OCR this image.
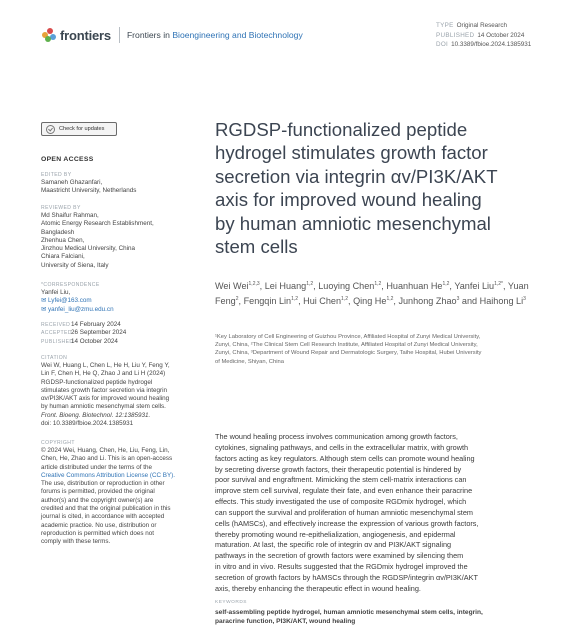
frontiers Frontiers in Bioengineering and Biotechnology
TYPE Original Research
PUBLISHED 14 October 2024
DOI 10.3389/fbioe.2024.1385931
Check for updates
OPEN ACCESS
EDITED BY
Samaneh Ghazanfari,
Maastricht University, Netherlands
REVIEWED BY
Md Shaifur Rahman,
Atomic Energy Research Establishment,
Bangladesh
Zhenhua Chen,
Jinzhou Medical University, China
Chiara Falciani,
University of Siena, Italy
*CORRESPONDENCE
Yanfei Liu,
✉ Lyfei@163.com
✉ yanfei_liu@zmu.edu.cn
RECEIVED14 February 2024
ACCEPTED26 September 2024
PUBLISHED14 October 2024
CITATION
Wei W, Huang L, Chen L, He H, Liu Y, Feng Y,
Lin F, Chen H, He Q, Zhao J and Li H (2024)
RGDSP-functionalized peptide hydrogel
stimulates growth factor secretion via integrin
αv/PI3K/AKT axis for improved wound healing
by human amniotic mesenchymal stem cells.
Front. Bioeng. Biotechnol. 12:1385931.
doi: 10.3389/fbioe.2024.1385931
COPYRIGHT
© 2024 Wei, Huang, Chen, He, Liu, Feng, Lin,
Chen, He, Zhao and Li. This is an open-access
article distributed under the terms of the
Creative Commons Attribution License (CC BY).
The use, distribution or reproduction in other
forums is permitted, provided the original
author(s) and the copyright owner(s) are
credited and that the original publication in this
journal is cited, in accordance with accepted
academic practice. No use, distribution or
reproduction is permitted which does not
comply with these terms.
RGDSP-functionalized peptide
hydrogel stimulates growth factor
secretion via integrin αv/PI3K/AKT
axis for improved wound healing
by human amniotic mesenchymal
stem cells
Wei Wei$^{1,2,3}$, Lei Huang$^{1,2}$, Luoying Chen$^{1,2}$, Huanhuan He$^{1,2}$, Yanfei Liu$^{1,2*}$, Yuan Feng$^2$, Fengqin Lin$^{1,2}$, Hui Chen$^{1,2}$, Qing He$^{1,2}$, Junhong Zhao$^3$ and Haihong Li$^3$
¹Key Laboratory of Cell Engineering of Guizhou Province, Affiliated Hospital of Zunyi Medical University,
Zunyi, China, ²The Clinical Stem Cell Research Institute, Affiliated Hospital of Zunyi Medical University,
Zunyi, China, ³Department of Wound Repair and Dermatologic Surgery, Taihe Hospital, Hubei University
of Medicine, Shiyan, China
The wound healing process involves communication among growth factors,
cytokines, signaling pathways, and cells in the extracellular matrix, with growth
factors acting as key regulators. Although stem cells can promote wound healing
by secreting diverse growth factors, their therapeutic potential is hindered by
poor survival and engraftment. Mimicking the stem cell-matrix interactions can
improve stem cell survival, regulate their fate, and even enhance their paracrine
effects. This study investigated the use of composite RGDmix hydrogel, which
can support the survival and proliferation of human amniotic mesenchymal stem
cells (hAMSCs), and effectively increase the expression of various growth factors,
thereby promoting wound re-epithelialization, angiogenesis, and epidermal
maturation. At last, the specific role of integrin αv and PI3K/AKT signaling
pathways in the secretion of growth factors were examined by silencing them
in vitro and in vivo. Results suggested that the RGDmix hydrogel improved the
secretion of growth factors by hAMSCs through the RGDSP/integrin αv/PI3K/AKT
axis, thereby enhancing the therapeutic effect in wound healing.
KEYWORDS
self-assembling peptide hydrogel, human amniotic mesenchymal stem cells, integrin,
paracrine function, PI3K/AKT, wound healing
